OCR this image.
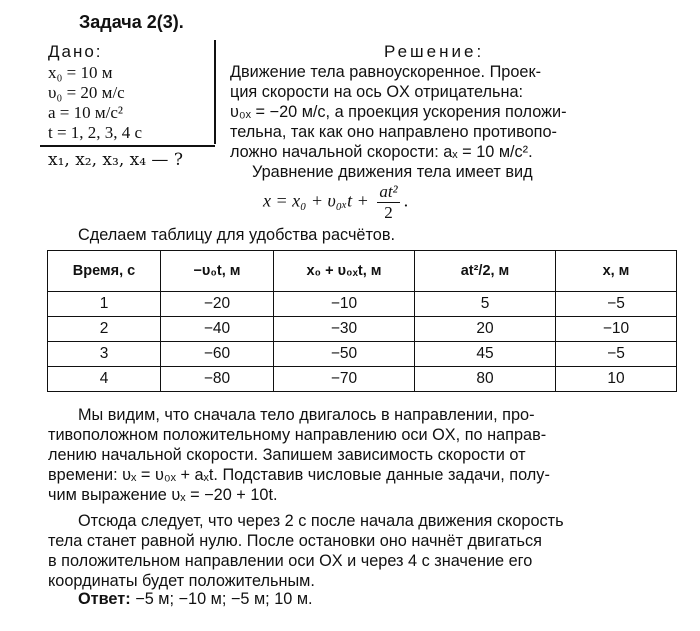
Задача 2(3).
Дано:
x₀ = 10 м
υ₀ = 20 м/с
a = 10 м/с²
t = 1, 2, 3, 4 с
x₁, x₂, x₃, x₄ — ?
Решение:
Движение тела равноускоренное. Проек-
ция скорости на ось OX отрицательна:
υ₀ₓ = −20 м/с, а проекция ускорения положи-
тельна, так как оно направлено противопо-
ложно начальной скорости: aₓ = 10 м/с².
Уравнение движения тела имеет вид
$x = x_0 + \upsilon_{0x}t + \frac{\text{at²}}{2}$ .
Сделаем таблицу для удобства расчётов.
Время, с	−υ₀t, м	x₀ + υ₀ₓt, м	at²/2, м	x, м
1	−20	−10	5	−5
2	−40	−30	20	−10
3	−60	−50	45	−5
4	−80	−70	80	10
Мы видим, что сначала тело двигалось в направлении, про-
тивоположном положительному направлению оси OX, по направ-
лению начальной скорости. Запишем зависимость скорости от
времени: υₓ = υ₀ₓ + aₓt. Подставив числовые данные задачи, полу-
чим выражение υₓ = −20 + 10t.
Отсюда следует, что через 2 с после начала движения скорость
тела станет равной нулю. После остановки оно начнёт двигаться
в положительном направлении оси OX и через 4 с значение его
координаты будет положительным.
Ответ: −5 м; −10 м; −5 м; 10 м.
